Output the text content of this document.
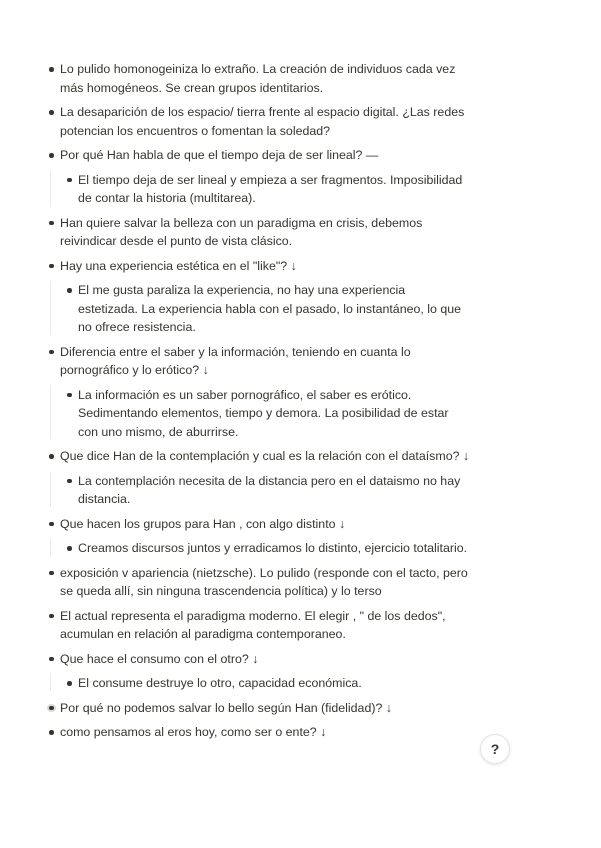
Lo pulido homonogeiniza lo extraño. La creación de individuos cada vez más homogéneos. Se crean grupos identitarios.
La desaparición de los espacio/ tierra frente al espacio digital. ¿Las redes potencian los encuentros o fomentan la soledad?
Por qué Han habla de que el tiempo deja de ser lineal? —
El tiempo deja de ser lineal y empieza a ser fragmentos. Imposibilidad de contar la historia (multitarea).
Han quiere salvar la belleza con un paradigma en crisis, debemos reivindicar desde el punto de vista clásico.
Hay una experiencia estética en el "like"? ↓
El me gusta paraliza la experiencia, no hay una experiencia estetizada. La experiencia habla con el pasado, lo instantáneo, lo que no ofrece resistencia.
Diferencia entre el saber y la información, teniendo en cuanta lo pornográfico y lo erótico? ↓
La información es un saber pornográfico, el saber es erótico. Sedimentando elementos, tiempo y demora. La posibilidad de estar con uno mismo, de aburrirse.
Que dice Han de la contemplación y cual es la relación con el dataísmo? ↓
La contemplación necesita de la distancia pero en el dataismo no hay distancia.
Que hacen los grupos para Han , con algo distinto ↓
Creamos discursos juntos y erradicamos lo distinto, ejercicio totalitario.
exposición v apariencia (nietzsche). Lo pulido (responde con el tacto, pero se queda allí, sin ninguna trascendencia política) y lo terso
El actual representa el paradigma moderno. El elegir , " de los dedos", acumulan en relación al paradigma contemporaneo.
Que hace el consumo con el otro? ↓
El consume destruye lo otro, capacidad económica.
Por qué no podemos salvar lo bello según Han (fidelidad)? ↓
como pensamos al eros hoy, como ser o ente? ↓
?
